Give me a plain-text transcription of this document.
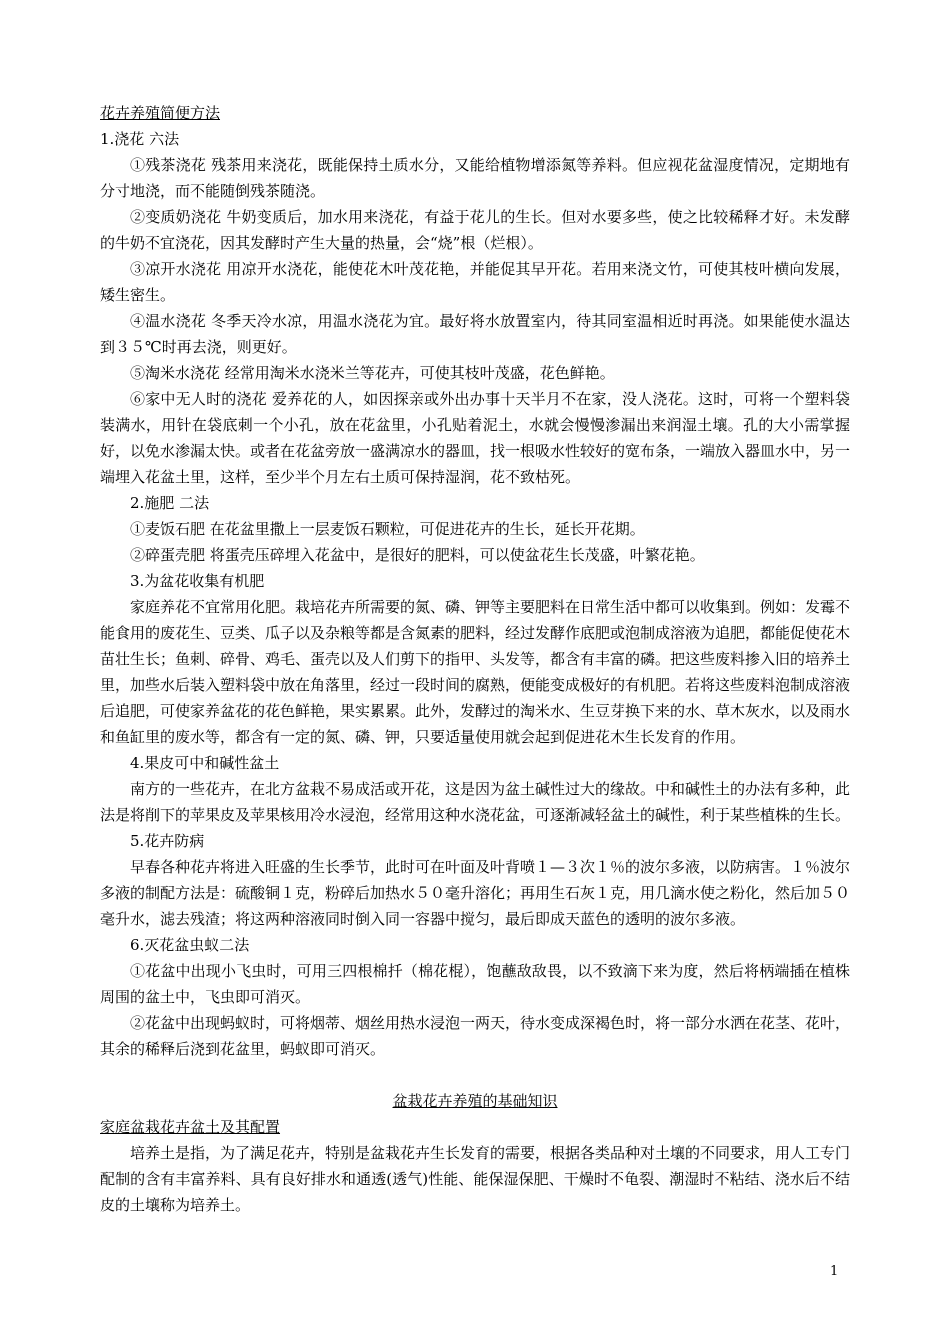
花卉养殖简便方法

1.浇花 六法

①残茶浇花 残茶用来浇花，既能保持土质水分，又能给植物增添氮等养料。但应视花盆湿度情况，定期地有分寸地浇，而不能随倒残茶随浇。

②变质奶浇花 牛奶变质后，加水用来浇花，有益于花儿的生长。但对水要多些，使之比较稀释才好。未发酵的牛奶不宜浇花，因其发酵时产生大量的热量，会“烧”根（烂根）。

③凉开水浇花 用凉开水浇花，能使花木叶茂花艳，并能促其早开花。若用来浇文竹，可使其枝叶横向发展，矮生密生。

④温水浇花 冬季天冷水凉，用温水浇花为宜。最好将水放置室内，待其同室温相近时再浇。如果能使水温达到３５℃时再去浇，则更好。

⑤淘米水浇花 经常用淘米水浇米兰等花卉，可使其枝叶茂盛，花色鲜艳。

⑥家中无人时的浇花 爱养花的人，如因探亲或外出办事十天半月不在家，没人浇花。这时，可将一个塑料袋装满水，用针在袋底刺一个小孔，放在花盆里，小孔贴着泥土，水就会慢慢渗漏出来润湿土壤。孔的大小需掌握好，以免水渗漏太快。或者在花盆旁放一盛满凉水的器皿，找一根吸水性较好的宽布条，一端放入器皿水中，另一端埋入花盆土里，这样，至少半个月左右土质可保持湿润，花不致枯死。

2.施肥 二法

①麦饭石肥 在花盆里撒上一层麦饭石颗粒，可促进花卉的生长，延长开花期。

②碎蛋壳肥 将蛋壳压碎埋入花盆中，是很好的肥料，可以使盆花生长茂盛，叶繁花艳。

3.为盆花收集有机肥

家庭养花不宜常用化肥。栽培花卉所需要的氮、磷、钾等主要肥料在日常生活中都可以收集到。例如：发霉不能食用的废花生、豆类、瓜子以及杂粮等都是含氮素的肥料，经过发酵作底肥或泡制成溶液为追肥，都能促使花木苗壮生长；鱼刺、碎骨、鸡毛、蛋壳以及人们剪下的指甲、头发等，都含有丰富的磷。把这些废料掺入旧的培养土里，加些水后装入塑料袋中放在角落里，经过一段时间的腐熟，便能变成极好的有机肥。若将这些废料泡制成溶液后追肥，可使家养盆花的花色鲜艳，果实累累。此外，发酵过的淘米水、生豆芽换下来的水、草木灰水，以及雨水和鱼缸里的废水等，都含有一定的氮、磷、钾，只要适量使用就会起到促进花木生长发育的作用。

4.果皮可中和碱性盆土

南方的一些花卉，在北方盆栽不易成活或开花，这是因为盆土碱性过大的缘故。中和碱性土的办法有多种，此法是将削下的苹果皮及苹果核用冷水浸泡，经常用这种水浇花盆，可逐渐减轻盆土的碱性，利于某些植株的生长。

5.花卉防病

早春各种花卉将进入旺盛的生长季节，此时可在叶面及叶背喷１—３次１％的波尔多液，以防病害。１％波尔多液的制配方法是：硫酸铜１克，粉碎后加热水５０毫升溶化；再用生石灰１克，用几滴水使之粉化，然后加５０毫升水，滤去残渣；将这两种溶液同时倒入同一容器中搅匀，最后即成天蓝色的透明的波尔多液。

6.灭花盆虫蚁二法

①花盆中出现小飞虫时，可用三四根棉扦（棉花棍），饱蘸敌敌畏，以不致滴下来为度，然后将柄端插在植株周围的盆土中，飞虫即可消灭。

②花盆中出现蚂蚁时，可将烟蒂、烟丝用热水浸泡一两天，待水变成深褐色时，将一部分水洒在花茎、花叶，其余的稀释后浇到花盆里，蚂蚁即可消灭。

盆栽花卉养殖的基础知识

家庭盆栽花卉盆土及其配置

培养土是指，为了满足花卉，特别是盆栽花卉生长发育的需要，根据各类品种对土壤的不同要求，用人工专门配制的含有丰富养料、具有良好排水和通透(透气)性能、能保湿保肥、干燥时不龟裂、潮湿时不粘结、浇水后不结皮的土壤称为培养土。

1
